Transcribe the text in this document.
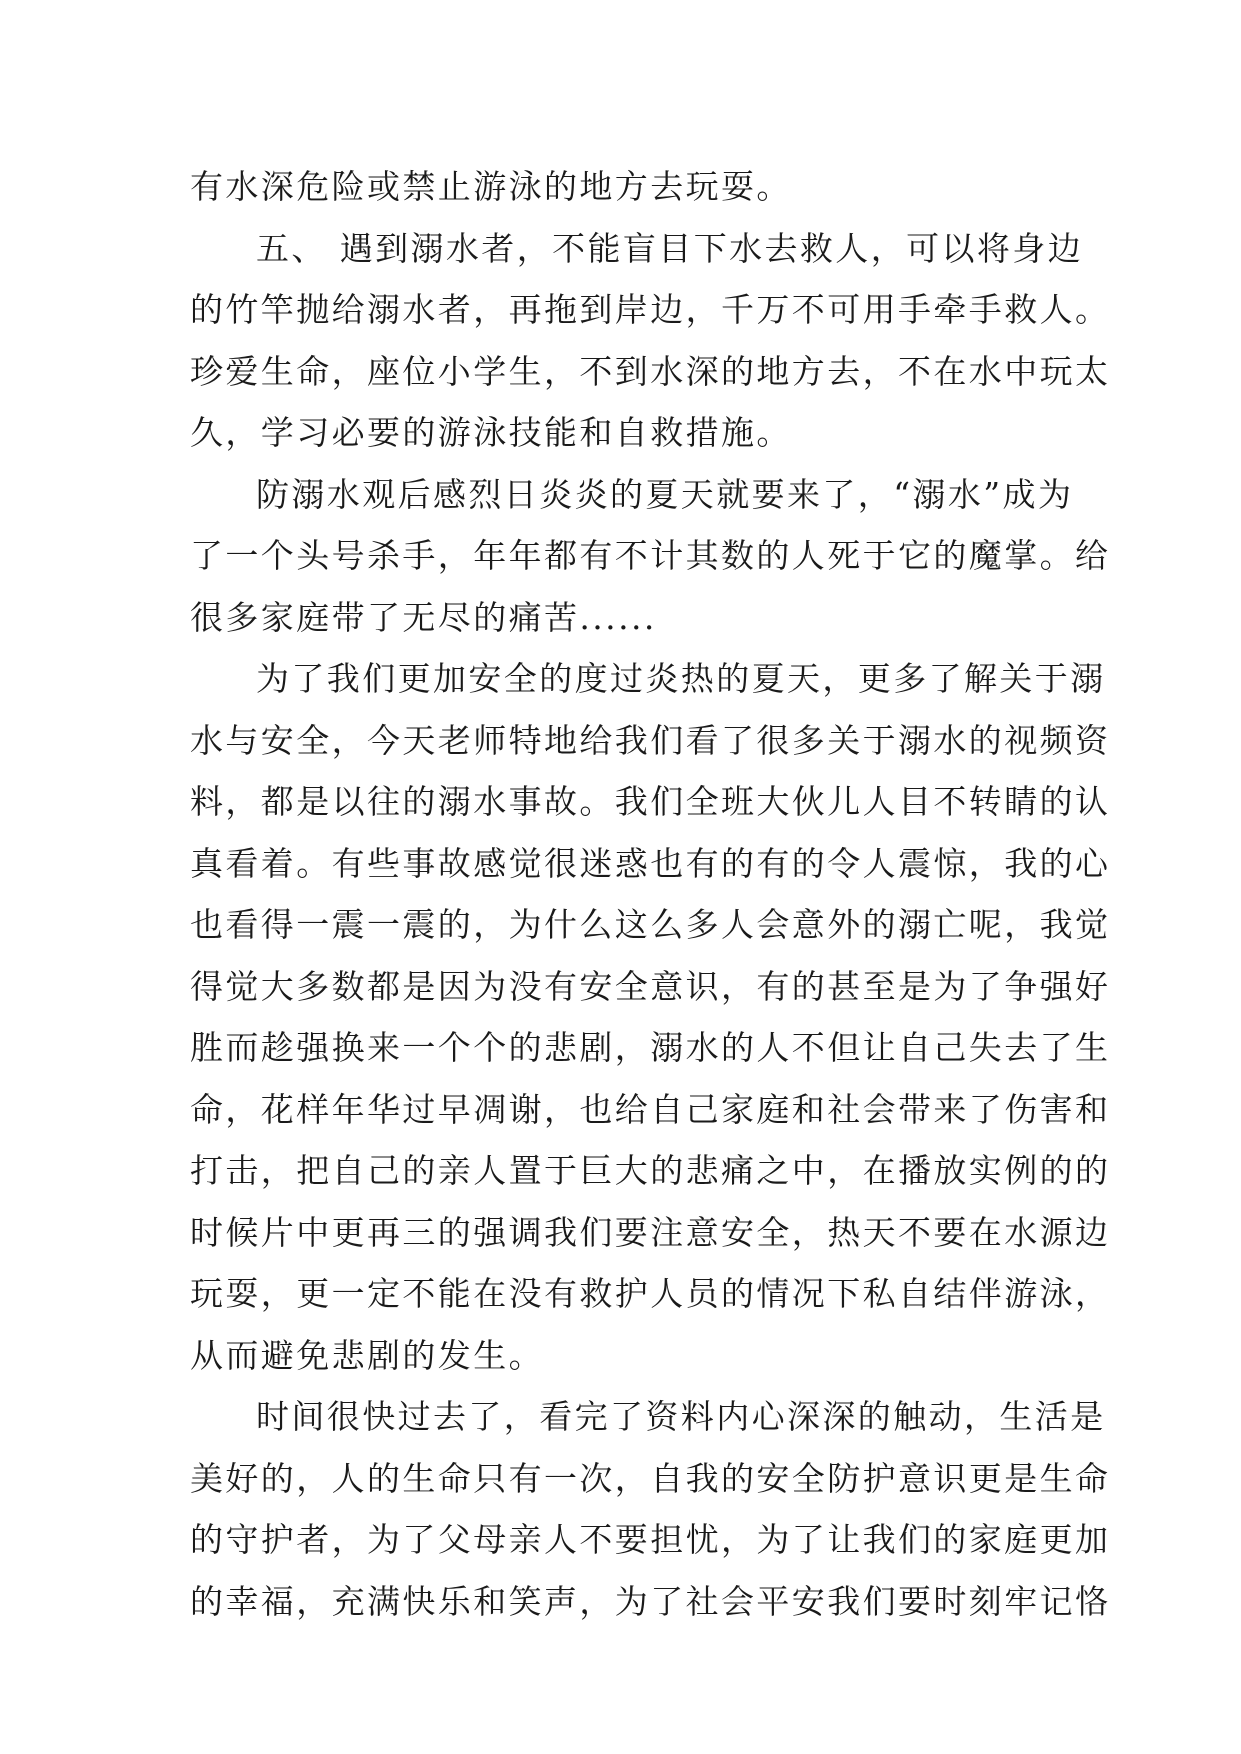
有水深危险或禁止游泳的地方去玩耍。
五、 遇到溺水者，不能盲目下水去救人，可以将身边
的竹竿抛给溺水者，再拖到岸边，千万不可用手牵手救人。
珍爱生命，座位小学生，不到水深的地方去，不在水中玩太
久，学习必要的游泳技能和自救措施。
防溺水观后感烈日炎炎的夏天就要来了，“溺水”成为
了一个头号杀手，年年都有不计其数的人死于它的魔掌。给
很多家庭带了无尽的痛苦......
为了我们更加安全的度过炎热的夏天，更多了解关于溺
水与安全，今天老师特地给我们看了很多关于溺水的视频资
料，都是以往的溺水事故。我们全班大伙儿人目不转睛的认
真看着。有些事故感觉很迷惑也有的有的令人震惊，我的心
也看得一震一震的，为什么这么多人会意外的溺亡呢，我觉
得觉大多数都是因为没有安全意识，有的甚至是为了争强好
胜而趁强换来一个个的悲剧，溺水的人不但让自己失去了生
命，花样年华过早凋谢，也给自己家庭和社会带来了伤害和
打击，把自己的亲人置于巨大的悲痛之中，在播放实例的的
时候片中更再三的强调我们要注意安全，热天不要在水源边
玩耍，更一定不能在没有救护人员的情况下私自结伴游泳，
从而避免悲剧的发生。
时间很快过去了，看完了资料内心深深的触动，生活是
美好的，人的生命只有一次，自我的安全防护意识更是生命
的守护者，为了父母亲人不要担忧，为了让我们的家庭更加
的幸福，充满快乐和笑声，为了社会平安我们要时刻牢记恪
